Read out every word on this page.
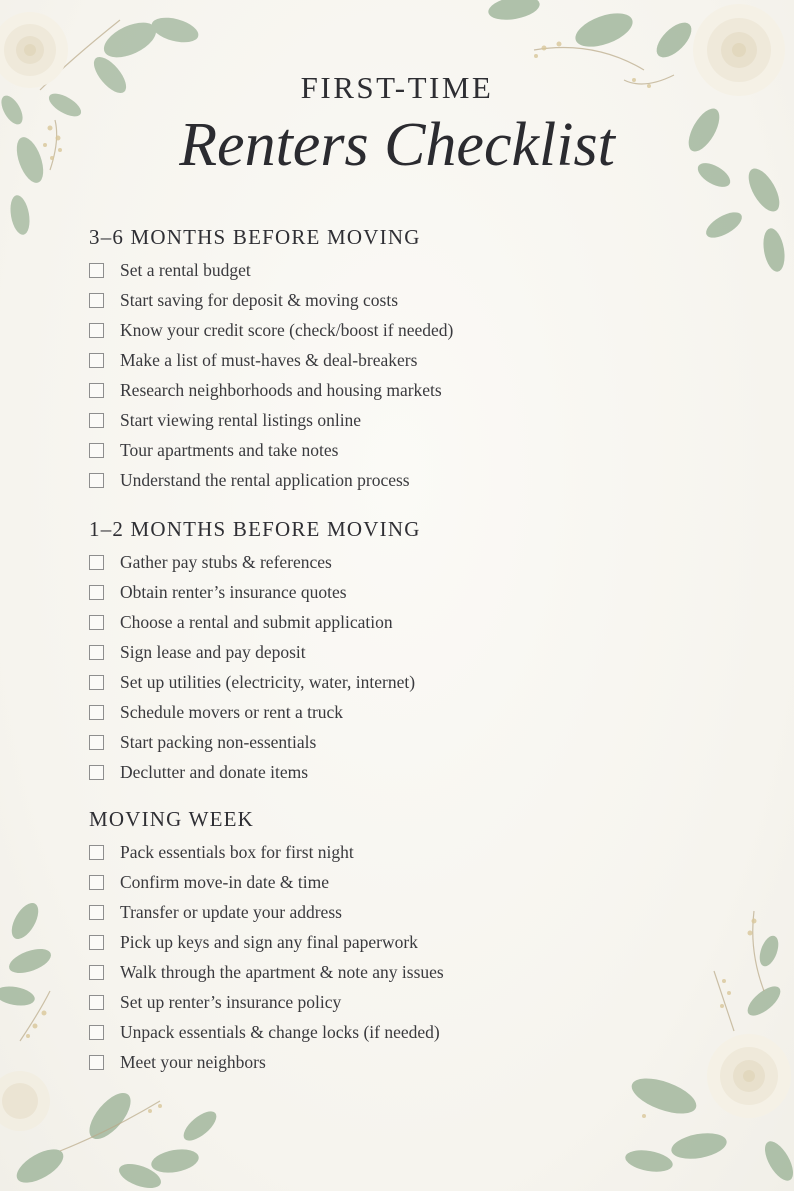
FIRST-TIME
Renters Checklist
3–6 MONTHS BEFORE MOVING
Set a rental budget
Start saving for deposit & moving costs
Know your credit score (check/boost if needed)
Make a list of must-haves & deal-breakers
Research neighborhoods and housing markets
Start viewing rental listings online
Tour apartments and take notes
Understand the rental application process
1–2 MONTHS BEFORE MOVING
Gather pay stubs & references
Obtain renter’s insurance quotes
Choose a rental and submit application
Sign lease and pay deposit
Set up utilities (electricity, water, internet)
Schedule movers or rent a truck
Start packing non-essentials
Declutter and donate items
MOVING WEEK
Pack essentials box for first night
Confirm move-in date & time
Transfer or update your address
Pick up keys and sign any final paperwork
Walk through the apartment & note any issues
Set up renter’s insurance policy
Unpack essentials & change locks (if needed)
Meet your neighbors
